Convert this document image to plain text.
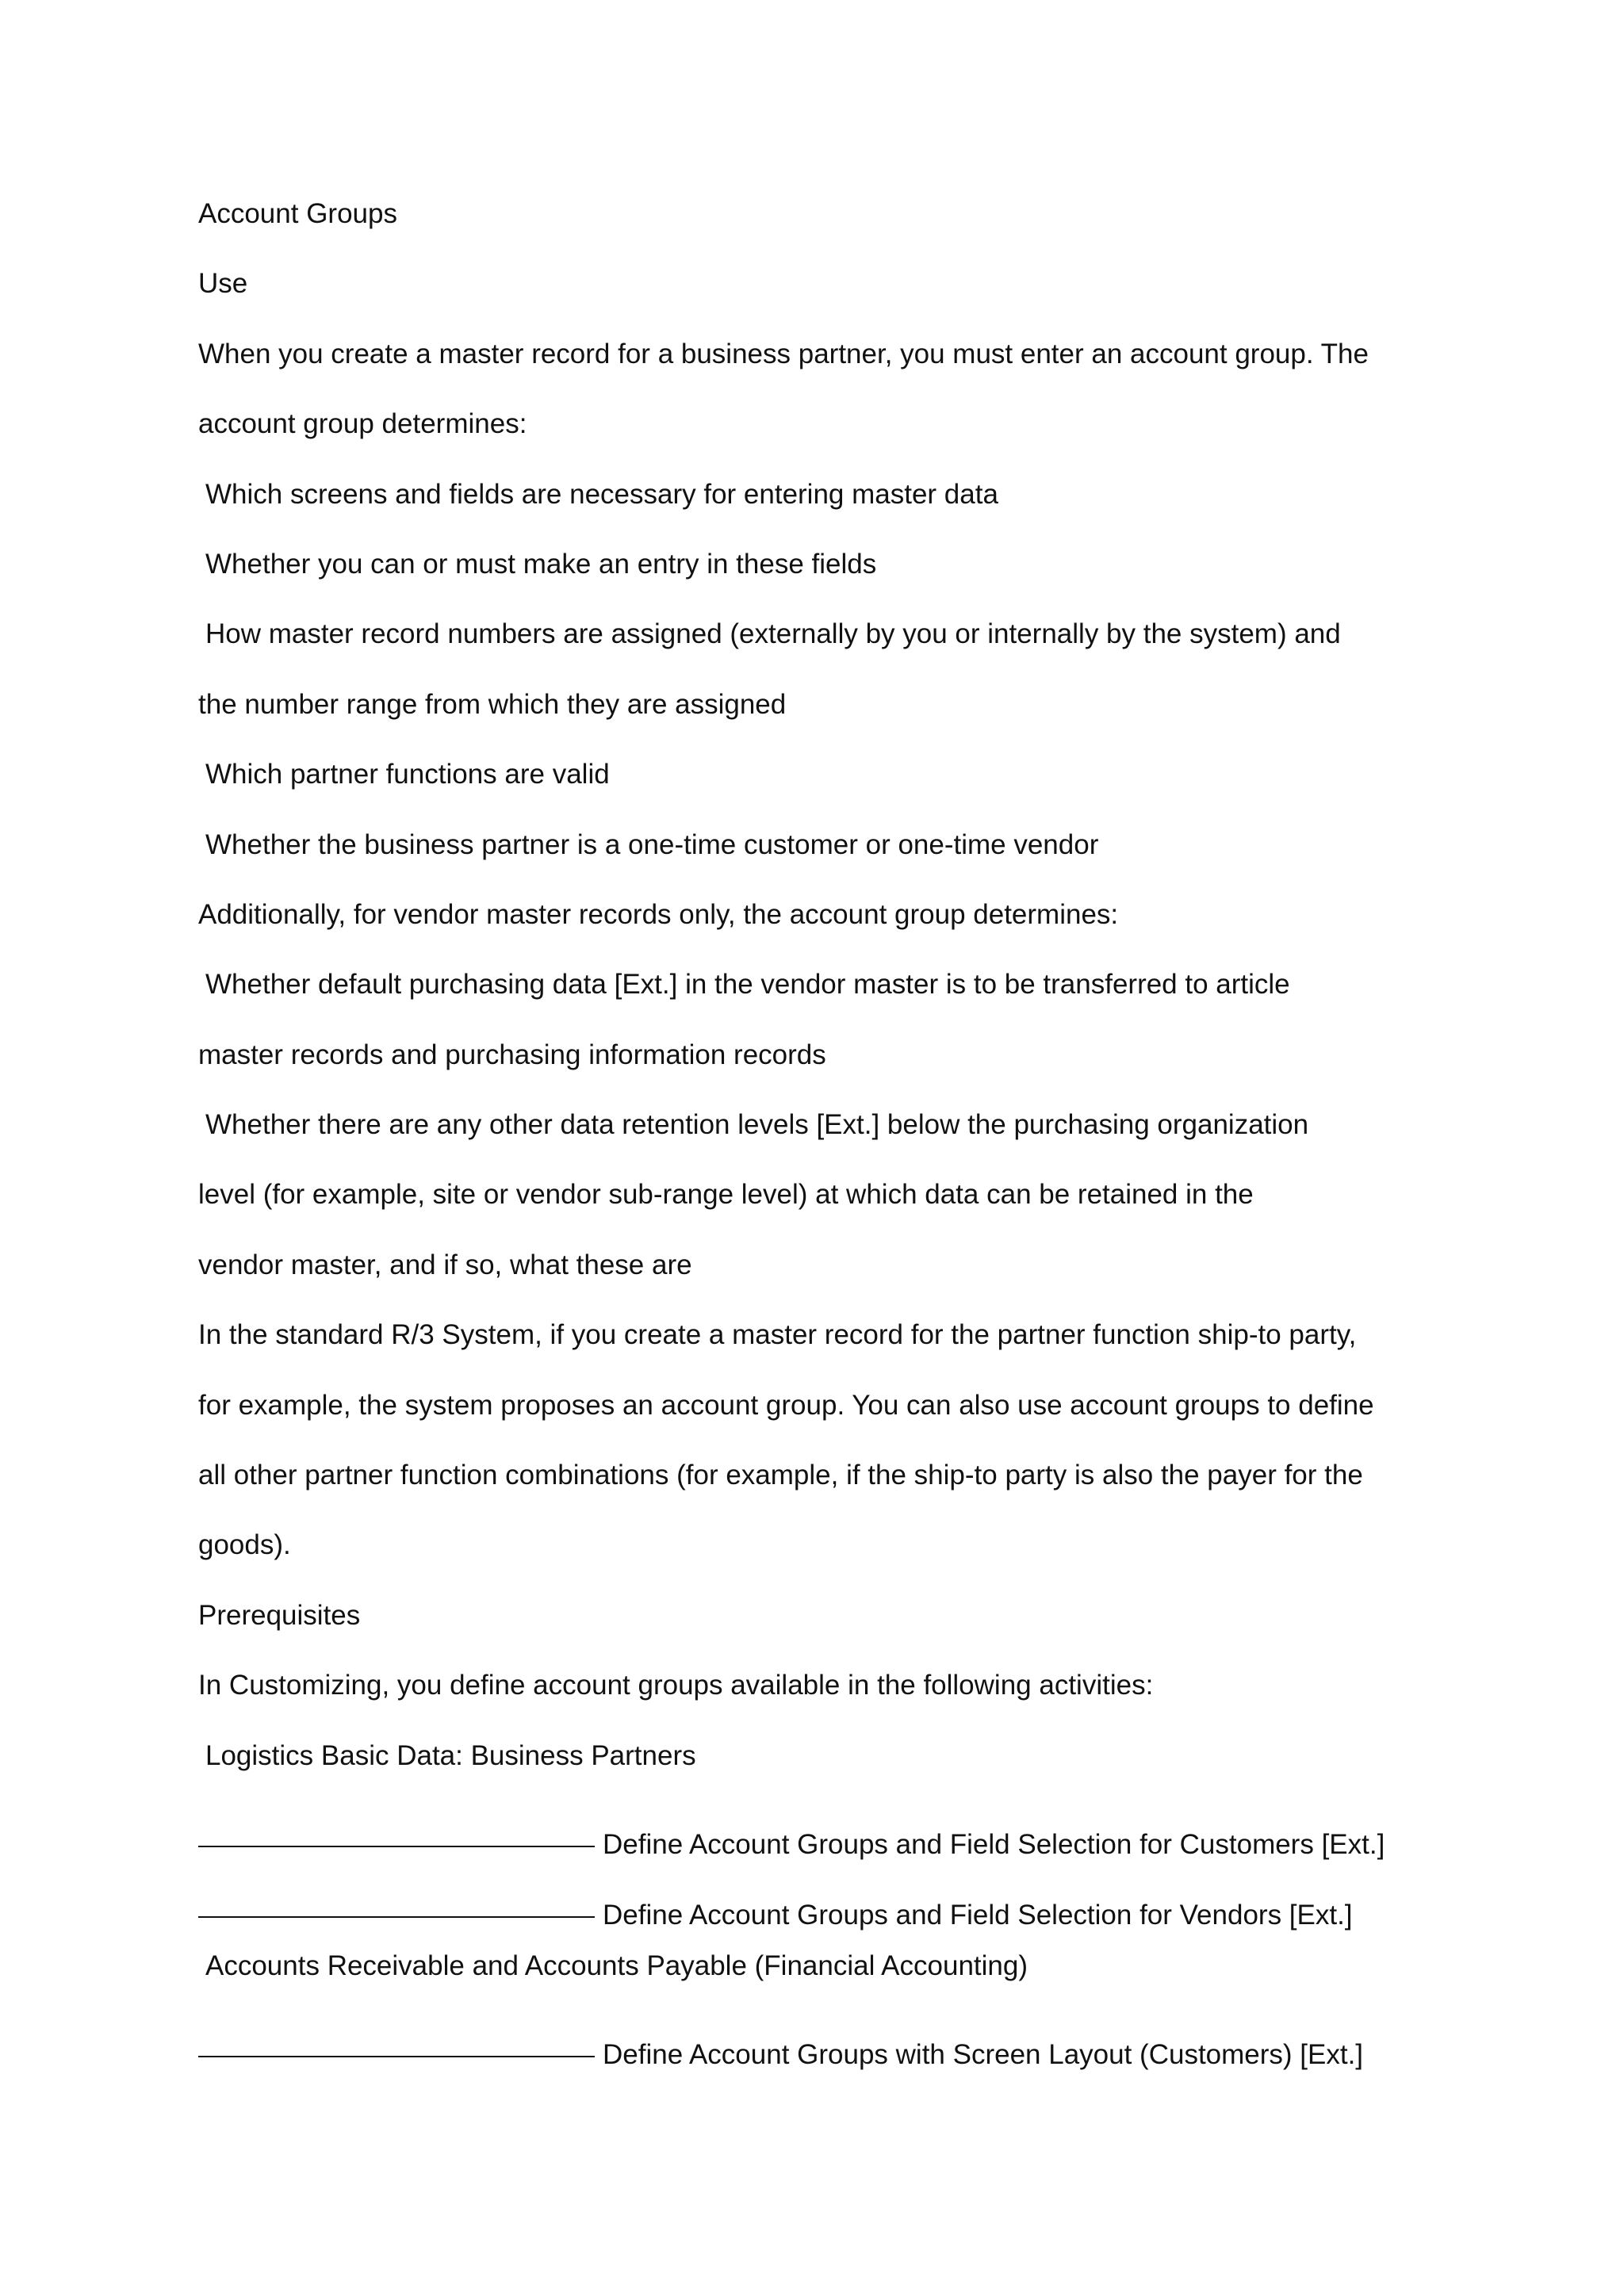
Account Groups
Use
When you create a master record for a business partner, you must enter an account group. The
account group determines:
Which screens and fields are necessary for entering master data
Whether you can or must make an entry in these fields
How master record numbers are assigned (externally by you or internally by the system) and
the number range from which they are assigned
Which partner functions are valid
Whether the business partner is a one-time customer or one-time vendor
Additionally, for vendor master records only, the account group determines:
Whether default purchasing data [Ext.] in the vendor master is to be transferred to article
master records and purchasing information records
Whether there are any other data retention levels [Ext.] below the purchasing organization
level (for example, site or vendor sub-range level) at which data can be retained in the
vendor master, and if so, what these are
In the standard R/3 System, if you create a master record for the partner function ship-to party,
for example, the system proposes an account group. You can also use account groups to define
all other partner function combinations (for example, if the ship-to party is also the payer for the
goods).
Prerequisites
In Customizing, you define account groups available in the following activities:
Logistics Basic Data: Business Partners
Define Account Groups and Field Selection for Customers [Ext.]
Define Account Groups and Field Selection for Vendors [Ext.]
Accounts Receivable and Accounts Payable (Financial Accounting)
Define Account Groups with Screen Layout (Customers) [Ext.]
